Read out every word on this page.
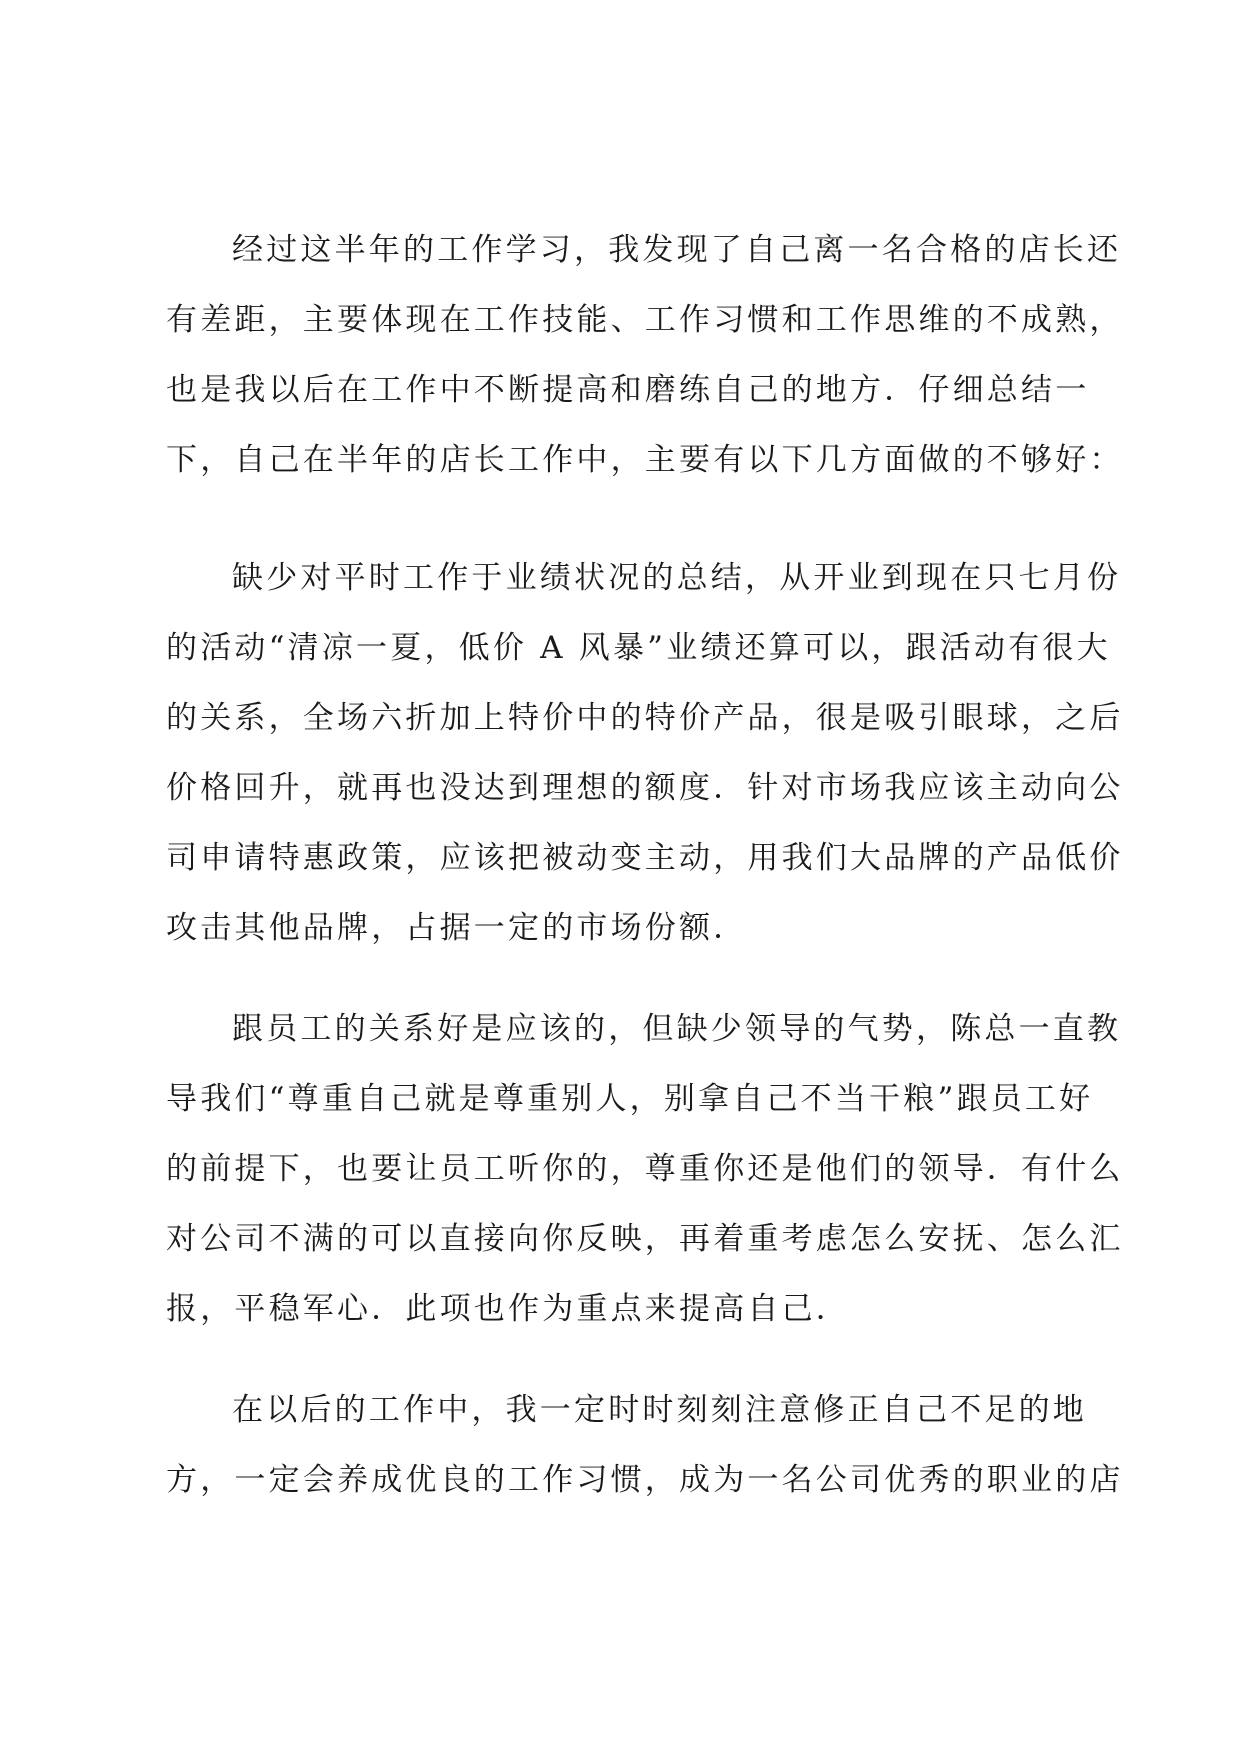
经过这半年的工作学习，我发现了自己离一名合格的店长还
有差距，主要体现在工作技能、工作习惯和工作思维的不成熟，
也是我以后在工作中不断提高和磨练自己的地方．仔细总结一
下，自己在半年的店长工作中，主要有以下几方面做的不够好：
缺少对平时工作于业绩状况的总结，从开业到现在只七月份
的活动“清凉一夏，低价 A 风暴”业绩还算可以，跟活动有很大
的关系，全场六折加上特价中的特价产品，很是吸引眼球，之后
价格回升，就再也没达到理想的额度．针对市场我应该主动向公
司申请特惠政策，应该把被动变主动，用我们大品牌的产品低价
攻击其他品牌，占据一定的市场份额．
跟员工的关系好是应该的，但缺少领导的气势，陈总一直教
导我们“尊重自己就是尊重别人，别拿自己不当干粮”跟员工好
的前提下，也要让员工听你的，尊重你还是他们的领导．有什么
对公司不满的可以直接向你反映，再着重考虑怎么安抚、怎么汇
报，平稳军心．此项也作为重点来提高自己．
在以后的工作中，我一定时时刻刻注意修正自己不足的地
方，一定会养成优良的工作习惯，成为一名公司优秀的职业的店
